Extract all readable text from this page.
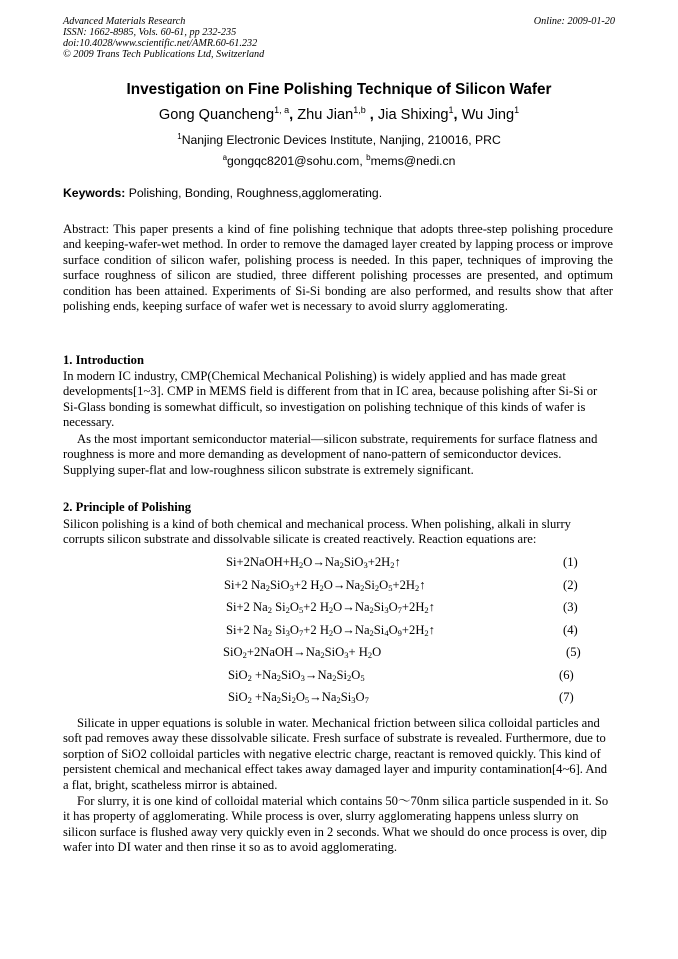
Advanced Materials Research
ISSN: 1662-8985, Vols. 60-61, pp 232-235
doi:10.4028/www.scientific.net/AMR.60-61.232
© 2009 Trans Tech Publications Ltd, Switzerland
Online: 2009-01-20
Investigation on Fine Polishing Technique of Silicon Wafer
Gong Quancheng$^{1, a}$, Zhu Jian$^{1,b}$ , Jia Shixing$^1$, Wu Jing$^1$
$^1$Nanjing Electronic Devices Institute, Nanjing, 210016, PRC
$^a$gongqc8201@sohu.com, $^b$mems@nedi.cn
Keywords: Polishing, Bonding, Roughness,agglomerating.
Abstract: This paper presents a kind of fine polishing technique that adopts three-step polishing procedure and keeping-wafer-wet method. In order to remove the damaged layer created by lapping process or improve surface condition of silicon wafer, polishing process is needed. In this paper, techniques of improving the surface roughness of silicon are studied, three different polishing processes are presented, and optimum condition has been attained. Experiments of Si-Si bonding are also performed, and results show that after polishing ends, keeping surface of wafer wet is necessary to avoid slurry agglomerating.
1. Introduction
In modern IC industry, CMP(Chemical Mechanical Polishing) is widely applied and has made great developments[1~3]. CMP in MEMS field is different from that in IC area, because polishing after Si-Si or Si-Glass bonding is somewhat difficult, so investigation on polishing technique of this kinds of wafer is necessary.
As the most important semiconductor material—silicon substrate, requirements for surface flatness and roughness is more and more demanding as development of nano-pattern of semiconductor devices. Supplying super-flat and low-roughness silicon substrate is extremely significant.
2. Principle of Polishing
Silicon polishing is a kind of both chemical and mechanical process. When polishing, alkali in slurry corrupts silicon substrate and dissolvable silicate is created reactively. Reaction equations are:
$Si+2NaOH+H_2O\to Na_2SiO_3+2H_2↑$	(1)
Si+2 $Na_2SiO_3+2$ $H_2O\to Na_2Si_2O_5+2H_2↑$	(2)
Si+2 $Na_2$ $Si_2O_5+2$ $H_2O\to Na_2Si_3O_7+2H_2↑$	(3)
Si+2 $Na_2$ $Si_3O_7+2$ $H_2O\to Na_2Si_4O_9+2H_2↑$	(4)
$SiO_2+2NaOH\to Na_2SiO_3+ H_2O$	(5)
$SiO_2 +Na_2SiO_3\to Na_2Si_2O_5$	(6)
$SiO_2 +Na_2Si_2O_5\to Na_2Si_3O_7$	(7)
Silicate in upper equations is soluble in water. Mechanical friction between silica colloidal particles and soft pad removes away these dissolvable silicate. Fresh surface of substrate is revealed. Furthermore, due to sorption of SiO2 colloidal particles with negative electric charge, reactant is removed quickly. This kind of persistent chemical and mechanical effect takes away damaged layer and impurity contamination[4~6]. And a flat, bright, scatheless mirror is abtained.
For slurry, it is one kind of colloidal material which contains 50〜70nm silica particle suspended in it. So it has property of agglomerating. While process is over, slurry agglomerating happens unless slurry on silicon surface is flushed away very quickly even in 2 seconds. What we should do once process is over, dip wafer into DI water and then rinse it so as to avoid agglomerating.
